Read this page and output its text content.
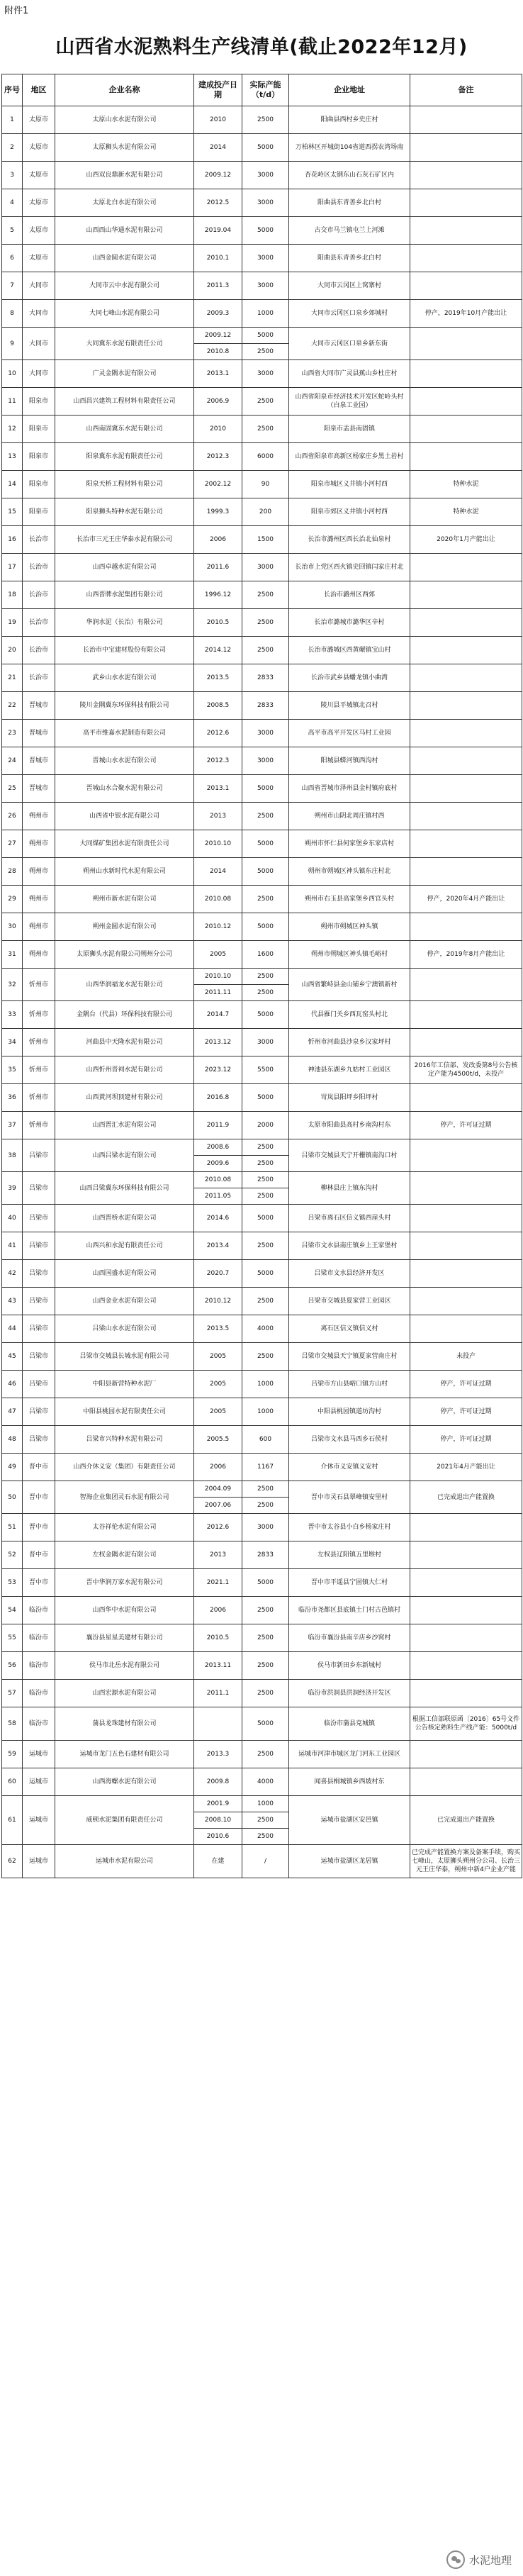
附件1
山西省水泥熟料生产线清单(截止2022年12月)
序号	地区	企业名称	建成投产日期	实际产能（t/d）	企业地址	备注
1	太原市	太原山水水泥有限公司	2010	2500	阳曲县西村乡史庄村	
2	太原市	太原狮头水泥有限公司	2014	5000	万柏林区开城街104省道西拐农湾场南	
3	太原市	山西双良鼎新水泥有限公司	2009.12	3000	杏花岭区太钢东山石灰石矿区内	
4	太原市	太原北白水泥有限公司	2012.5	3000	阳曲县东青善乡北白村	
5	太原市	山西西山华通水泥有限公司	2019.04	5000	古交市马兰镇屯兰上河滩	
6	太原市	山西金圆水泥有限公司	2010.1	3000	阳曲县东青善乡北白村	
7	大同市	大同市云中水泥有限公司	2011.3	3000	大同市云冈区上窝寨村	
8	大同市	大同七峰山水泥有限公司	2009.3	1000	大同市云冈区口泉乡郊城村	停产，2019年10月产能出让
9	大同市	大同冀东水泥有限责任公司	2009.12	5000	大同市云冈区口泉乡新东街	
			2010.8	2500		
10	大同市	广灵金隅水泥有限公司	2013.1	3000	山西省大同市广灵县蕉山乡杜庄村	
11	阳泉市	山西昌兴建筑工程材料有限责任公司	2006.9	2500	山西省阳泉市经济技术开发区蛇岭头村（白泉工业园）	
12	阳泉市	山西南固冀东水泥有限公司	2010	2500	阳泉市盂县南固镇	
13	阳泉市	阳泉冀东水泥有限责任公司	2012.3	6000	山西省阳泉市高新区杨家庄乡黑土岩村	
14	阳泉市	阳泉天桥工程材料有限公司	2002.12	90	阳泉市城区义井镇小河村西	特种水泥
15	阳泉市	阳泉狮头特种水泥有限公司	1999.3	200	阳泉市郊区义井镇小河村西	特种水泥
16	长治市	长治市三元王庄华泰水泥有限公司	2006	1500	长治市潞州区西长治北仙泉村	2020年1月产能出让
17	长治市	山西卓越水泥有限公司	2011.6	3000	长治市上党区西火镇史回镇闫家庄村北	
18	长治市	山西晋牌水泥集团有限公司	1996.12	2500	长治市潞州区西郊	
19	长治市	华润水泥（长治）有限公司	2010.5	2500	长治市潞城市潞华区辛村	
20	长治市	长治市中宝建材股份有限公司	2014.12	2500	长治市潞城区西黄碾镇宝山村	
21	长治市	武乡山水水泥有限公司	2013.5	2833	长治市武乡县蟠龙镇小曲湾	
22	晋城市	陵川金隅冀东环保科技有限公司	2008.5	2833	陵川县平城镇北召村	
23	晋城市	高平市维嘉水泥制造有限公司	2012.6	3000	高平市高平开发区马村工业园	
24	晋城市	晋城山水水泥有限公司	2012.3	3000	阳城县蟒河镇西沟村	
25	晋城市	晋城山水合聚水泥有限公司	2013.1	5000	山西省晋城市泽州县金村镇府底村	
26	朔州市	山西省中银水泥有限公司	2013	2500	朔州市山阴北周庄镇村西	
27	朔州市	大同煤矿集团水泥有限责任公司	2010.10	5000	朔州市怀仁县何家堡乡东家店村	
28	朔州市	朔州山水新时代水泥有限公司	2014	5000	朔州市朔城区神头镇东庄村北	
29	朔州市	朔州市新水泥有限公司	2010.08	2500	朔州市右玉县高家堡乡西官头村	停产，2020年4月产能出让
30	朔州市	朔州金圆水泥有限公司	2010.12	5000	朔州市朔城区神头镇	
31	朔州市	太原狮头水泥有限公司朔州分公司	2005	1600	朔州市朔城区神头镇毛峪村	停产，2019年8月产能出让
32	忻州市	山西华润福龙水泥有限公司	2010.10	2500	山西省繁峙县金山铺乡宁澳镇新村	
			2011.11	2500		
33	忻州市	金隅台（代县）环保科技有限公司	2014.7	5000	代县雁门关乡西瓦窑头村北	
34	忻州市	河曲县中天隆水泥有限公司	2013.12	3000	忻州市河曲县沙泉乡汉家坪村	
35	忻州市	山西忻州晋祠水泥有限公司	2023.12	5500	神池县东湖乡九姑村工业园区	2016年工信部、发改委第8号公告核定产能为4500t/d，未投产
36	忻州市	山西黄河坝顶建材有限公司	2016.8	5000	岢岚县阳坪乡阳坪村	
37	忻州市	山西晋汇水泥有限公司	2011.9	2000	太原市阳曲县高村乡南沟村东	停产，许可证过期
38	吕梁市	山西吕梁水泥有限公司	2008.6	2500	吕梁市交城县天宁开栅镇南沟口村	
			2009.6	2500		
39	吕梁市	山西吕梁冀东环保科技有限公司	2010.08	2500	柳林县庄上镇东沟村	
			2011.05	2500		
40	吕梁市	山西晋桥水泥有限公司	2014.6	5000	吕梁市离石区信义镇西崖头村	
41	吕梁市	山西兴和水泥有限责任公司	2013.4	2500	吕梁市文水县南庄镇乡上王家堡村	
42	吕梁市	山西国盛水泥有限公司	2020.7	5000	吕梁市文水县经济开发区	
43	吕梁市	山西金业水泥有限公司	2010.12	2500	吕梁市交城县夏家营工业园区	
44	吕梁市	吕梁山水水泥有限公司	2013.5	4000	离石区信义镇信义村	
45	吕梁市	吕梁市交城县长城水泥有限公司	2005	2500	吕梁市交城县天宁镇夏家营南庄村	未投产
46	吕梁市	中阳县新营特种水泥厂	2005	1000	吕梁市方山县峪口镇方山村	停产，许可证过期
47	吕梁市	中阳县桃园水泥有限责任公司	2005	1000	中阳县桃园镇道坊沟村	停产，许可证过期
48	吕梁市	吕梁市兴特种水泥有限公司	2005.5	600	吕梁市文水县马西乡石侯村	停产，许可证过期
49	晋中市	山西介休义安（集团）有限责任公司	2006	1167	介休市义安镇义安村	2021年4月产能出让
50	晋中市	智海企业集团灵石水泥有限公司	2004.09	2500	晋中市灵石县翠峰镇安里村	已完成退出产能置换
			2007.06	2500		
51	晋中市	太谷祥伦水泥有限公司	2012.6	3000	晋中市太谷县小白乡杨家庄村	
52	晋中市	左权金隅水泥有限公司	2013	2833	左权县辽阳镇五里堠村	
53	晋中市	晋中华润万家水泥有限公司	2021.1	5000	晋中市平遥县宁固镇大仁村	
54	临汾市	山西华中水泥有限公司	2006	2500	临汾市尧都区县底镇土门村古邑镇村	
55	临汾市	襄汾县星星美建材有限公司	2010.5	2500	临汾市襄汾县南辛店乡沙窝村	
56	临汾市	侯马市北岳水泥有限公司	2013.11	2500	侯马市新田乡东新城村	
57	临汾市	山西宏源水泥有限公司	2011.1	2500	临汾市洪洞县洪洞经济开发区	
58	临汾市	蒲县龙珠建材有限公司		5000	临汾市蒲县克城镇	根据工信部联原函〔2016〕65号文件公告核定熟料生产线产能：5000t/d
59	运城市	运城市龙门五色石建材有限公司	2013.3	2500	运城市河津市城区龙门河东工业园区	
60	运城市	山西海螺水泥有限公司	2009.8	4000	闻喜县桐城镇乡西坡村东	
61	运城市	威顿水泥集团有限责任公司	2001.9	1000	运城市盐湖区安邑镇	已完成退出产能置换
			2008.10	2500		
			2010.6	2500		
62	运城市	运城市水泥有限公司	在建	/	运城市盐湖区龙居镇	已完成产能置换方案及备案手续，购买七峰山，太原狮头朔州分公司、长治三元王庄华泰，朔州中新4户企业产能
水泥地理
